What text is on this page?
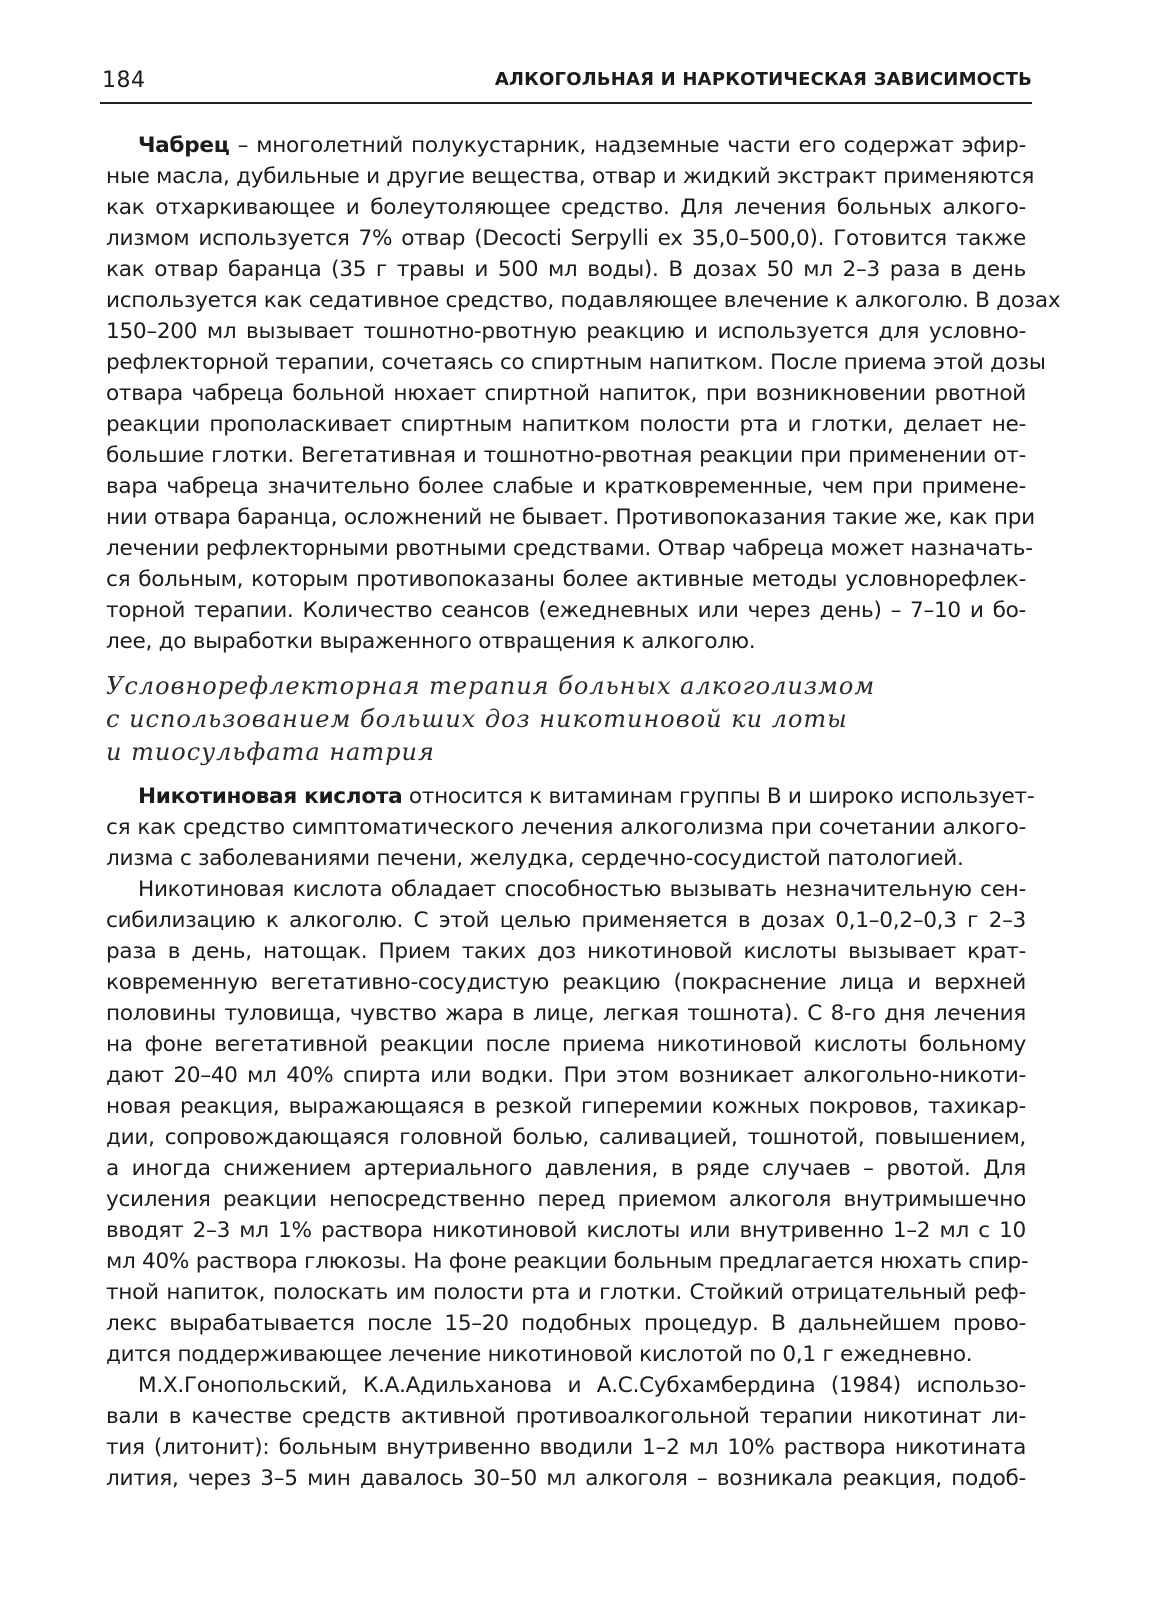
184	АЛКОГОЛЬНАЯ И НАРКОТИЧЕСКАЯ ЗАВИСИМОСТЬ
Чабрец – многолетний полукустарник, надземные части его содержат эфир-
ные масла, дубильные и другие вещества, отвар и жидкий экстракт применяются
как отхаркивающее и болеутоляющее средство. Для лечения больных алкого-
лизмом используется 7% отвар (Decocti Serpylli ex 35,0–500,0). Готовится также
как отвар баранца (35 г травы и 500 мл воды). В дозах 50 мл 2–3 раза в день
используется как седативное средство, подавляющее влечение к алкоголю. В дозах
150–200 мл вызывает тошнотно-рвотную реакцию и используется для условно-
рефлекторной терапии, сочетаясь со спиртным напитком. После приема этой дозы
отвара чабреца больной нюхает спиртной напиток, при возникновении рвотной
реакции прополаскивает спиртным напитком полости рта и глотки, делает не-
большие глотки. Вегетативная и тошнотно-рвотная реакции при применении от-
вара чабреца значительно более слабые и кратковременные, чем при примене-
нии отвара баранца, осложнений не бывает. Противопоказания такие же, как при
лечении рефлекторными рвотными средствами. Отвар чабреца может назначать-
ся больным, которым противопоказаны более активные методы условнорефлек-
торной терапии. Количество сеансов (ежедневных или через день) – 7–10 и бо-
лее, до выработки выраженного отвращения к алкоголю.
Условнорефлекторная терапия больных алкоголизмом
с использованием больших доз никотиновой ки лоты
и тиосульфата натрия
Никотиновая кислота относится к витаминам группы В и широко использует-
ся как средство симптоматического лечения алкоголизма при сочетании алкого-
лизма с заболеваниями печени, желудка, сердечно-сосудистой патологией.
Никотиновая кислота обладает способностью вызывать незначительную сен-
сибилизацию к алкоголю. С этой целью применяется в дозах 0,1–0,2–0,3 г 2–3
раза в день, натощак. Прием таких доз никотиновой кислоты вызывает крат-
ковременную вегетативно-сосудистую реакцию (покраснение лица и верхней
половины туловища, чувство жара в лице, легкая тошнота). С 8-го дня лечения
на фоне вегетативной реакции после приема никотиновой кислоты больному
дают 20–40 мл 40% спирта или водки. При этом возникает алкогольно-никоти-
новая реакция, выражающаяся в резкой гиперемии кожных покровов, тахикар-
дии, сопровождающаяся головной болью, саливацией, тошнотой, повышением,
а иногда снижением артериального давления, в ряде случаев – рвотой. Для
усиления реакции непосредственно перед приемом алкоголя внутримышечно
вводят 2–3 мл 1% раствора никотиновой кислоты или внутривенно 1–2 мл с 10
мл 40% раствора глюкозы. На фоне реакции больным предлагается нюхать спир-
тной напиток, полоскать им полости рта и глотки. Стойкий отрицательный реф-
лекс вырабатывается после 15–20 подобных процедур. В дальнейшем прово-
дится поддерживающее лечение никотиновой кислотой по 0,1 г ежедневно.
М.Х.Гонопольский, К.А.Адильханова и А.С.Субхамбердина (1984) использо-
вали в качестве средств активной противоалкогольной терапии никотинат ли-
тия (литонит): больным внутривенно вводили 1–2 мл 10% раствора никотината
лития, через 3–5 мин давалось 30–50 мл алкоголя – возникала реакция, подоб-
